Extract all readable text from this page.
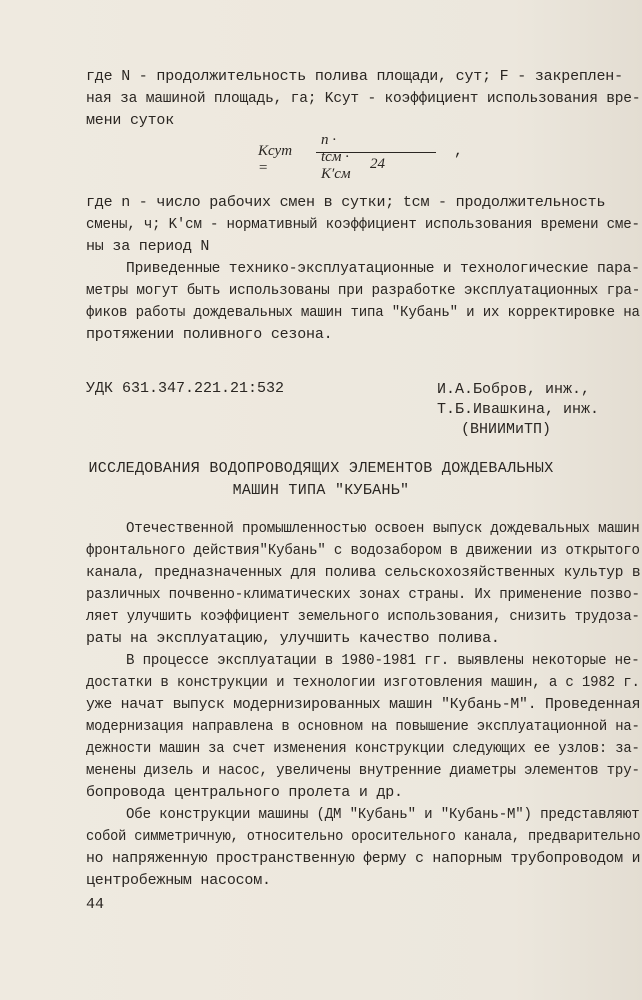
где N - продолжительность полива площади, сут; F - закреплен-
ная за машиной площадь, га; Kсут - коэффициент использования вре-
мени суток
Kсут =
n · tсм · K′см
24
,
где n - число рабочих смен в сутки; tсм - продолжительность
смены, ч; K′см - нормативный коэффициент использования времени сме-
ны за период N
Приведенные технико-эксплуатационные и технологические пара-
метры могут быть использованы при разработке эксплуатационных гра-
фиков работы дождевальных машин типа "Кубань" и их корректировке на
протяжении поливного сезона.
УДК 631.347.221.21:532	И.А.Бобров, инж.,
Т.Б.Ивашкина, инж.
(ВНИИМиТП)
ИССЛЕДОВАНИЯ ВОДОПРОВОДЯЩИХ ЭЛЕМЕНТОВ ДОЖДЕВАЛЬНЫХ
МАШИН ТИПА "КУБАНЬ"
Отечественной промышленностью освоен выпуск дождевальных машин
фронтального действия"Кубань" с водозабором в движении из открытого
канала, предназначенных для полива сельскохозяйственных культур в
различных почвенно-климатических зонах страны. Их применение позво-
ляет улучшить коэффициент земельного использования, снизить трудоза-
раты на эксплуатацию, улучшить качество полива.
В процессе эксплуатации в 1980-1981 гг. выявлены некоторые не-
достатки в конструкции и технологии изготовления машин, а с 1982 г.
уже начат выпуск модернизированных машин "Кубань-М". Проведенная
модернизация направлена в основном на повышение эксплуатационной на-
дежности машин за счет изменения конструкции следующих ее узлов: за-
менены дизель и насос, увеличены внутренние диаметры элементов тру-
бопровода центрального пролета и др.
Обе конструкции машины (ДМ "Кубань" и "Кубань-М") представляют
собой симметричную, относительно оросительного канала, предварительно
но напряженную пространственную ферму с напорным трубопроводом и
центробежным насосом.
44
